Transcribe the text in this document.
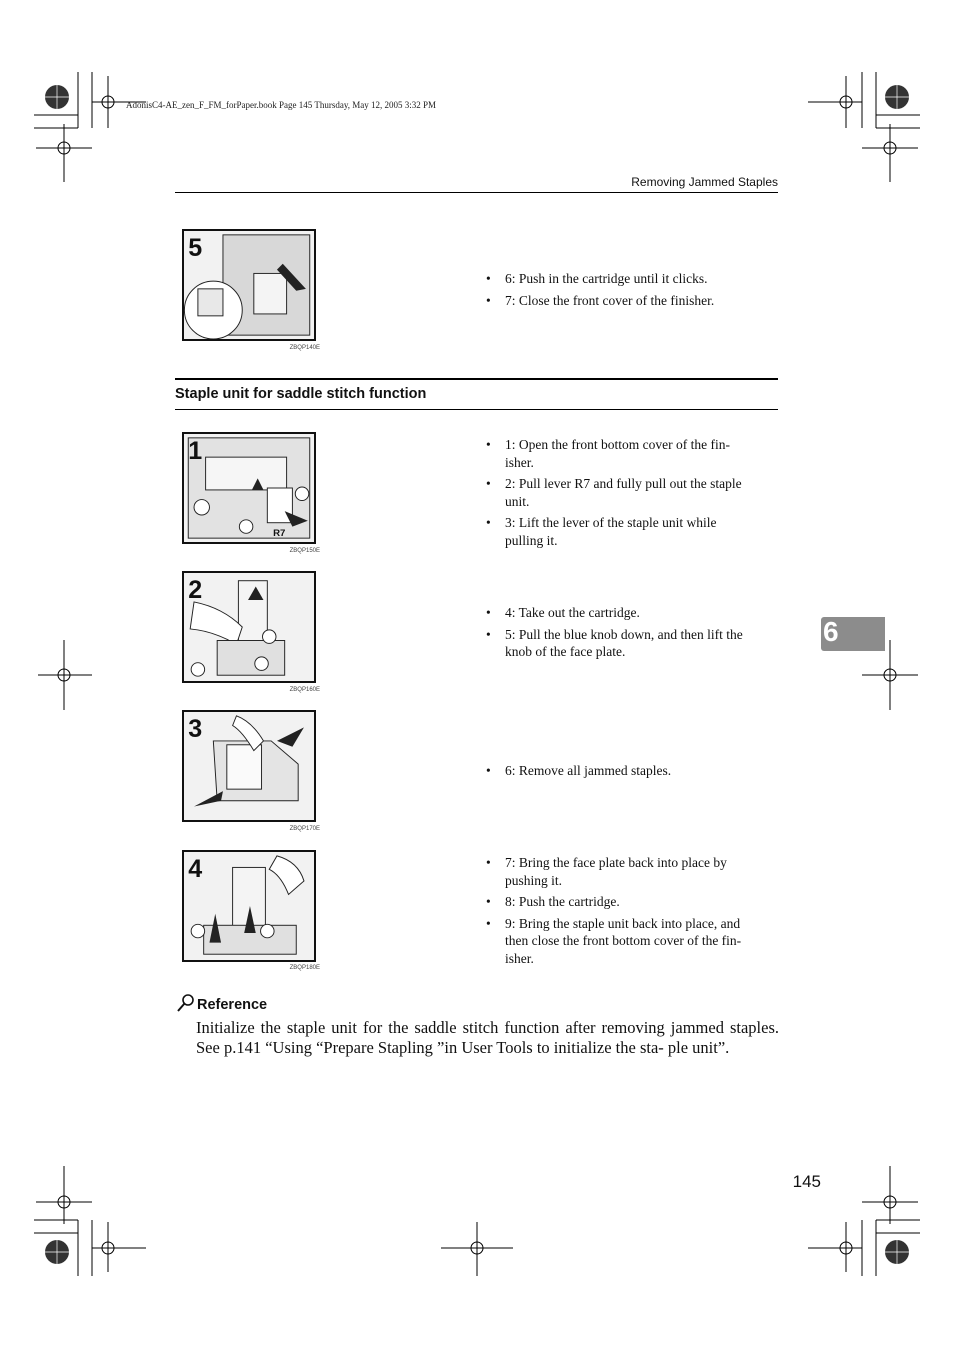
AdonisC4-AE_zen_F_FM_forPaper.book Page 145 Thursday, May 12, 2005 3:32 PM
Removing Jammed Staples
5
ZBQP140E
• 6: Push in the cartridge until it clicks.
• 7: Close the front cover of the finisher.
Staple unit for saddle stitch function
1
R7
ZBQP150E
• 1: Open the front bottom cover of the fin- isher.
• 2: Pull lever R7 and fully pull out the staple unit.
• 3: Lift the lever of the staple unit while pulling it.
2
ZBQP160E
• 4: Take out the cartridge.
• 5: Pull the blue knob down, and then lift the knob of the face plate.
3
ZBQP170E
• 6: Remove all jammed staples.
4
ZBQP180E
• 7: Bring the face plate back into place by pushing it.
• 8: Push the cartridge.
• 9: Bring the staple unit back into place, and then close the front bottom cover of the fin- isher.
6
Reference
Initialize the staple unit for the saddle stitch function after removing jammed staples. See p.141 “Using “Prepare Stapling ”in User Tools to initialize the sta- ple unit”.
145
